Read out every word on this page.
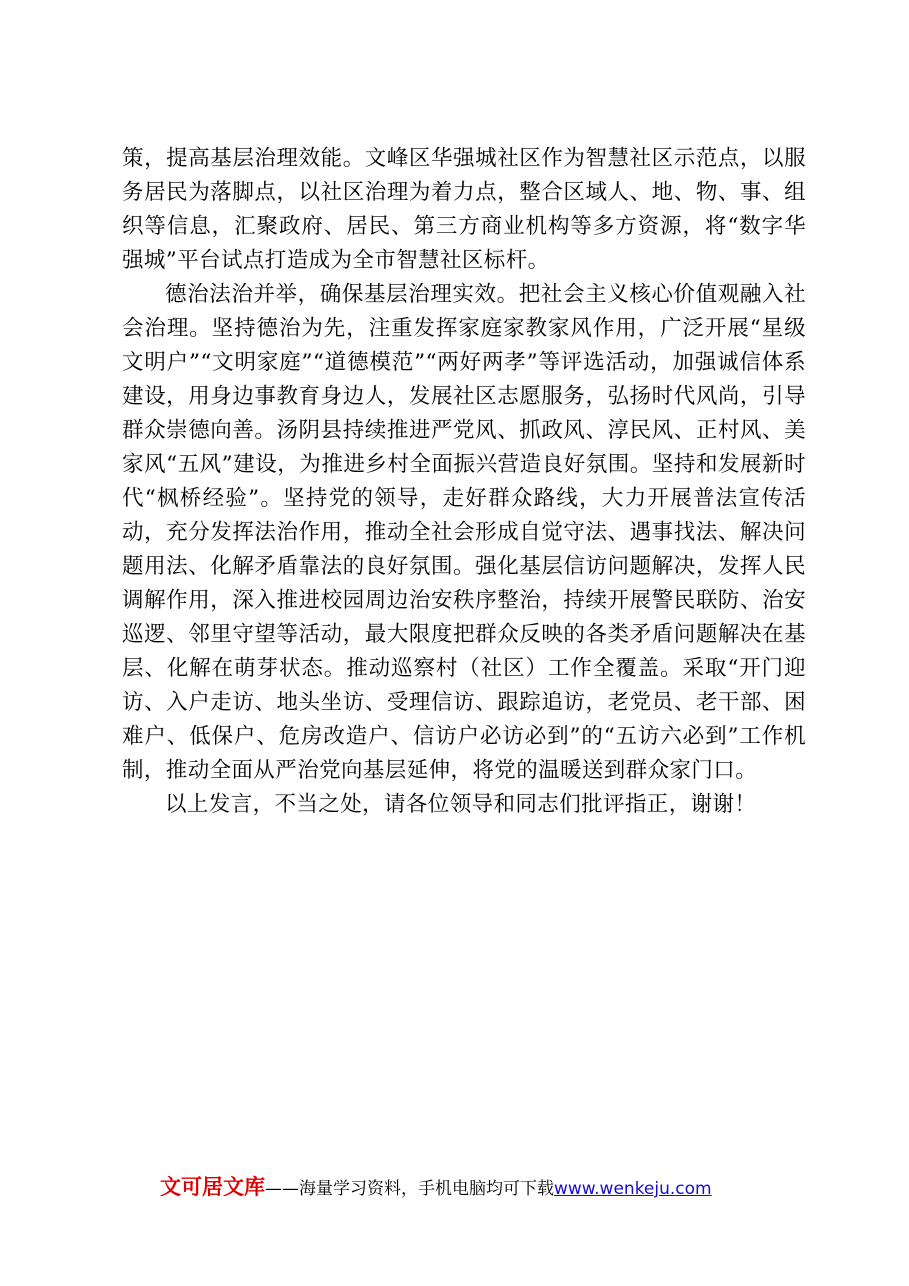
策，提高基层治理效能。文峰区华强城社区作为智慧社区示范点，以服务居民为落脚点，以社区治理为着力点，整合区域人、地、物、事、组织等信息，汇聚政府、居民、第三方商业机构等多方资源，将“数字华强城”平台试点打造成为全市智慧社区标杆。

德治法治并举，确保基层治理实效。把社会主义核心价值观融入社会治理。坚持德治为先，注重发挥家庭家教家风作用，广泛开展“星级文明户”“文明家庭”“道德模范”“两好两孝”等评选活动，加强诚信体系建设，用身边事教育身边人，发展社区志愿服务，弘扬时代风尚，引导群众崇德向善。汤阴县持续推进严党风、抓政风、淳民风、正村风、美家风“五风”建设，为推进乡村全面振兴营造良好氛围。坚持和发展新时代“枫桥经验”。坚持党的领导，走好群众路线，大力开展普法宣传活动，充分发挥法治作用，推动全社会形成自觉守法、遇事找法、解决问题用法、化解矛盾靠法的良好氛围。强化基层信访问题解决，发挥人民调解作用，深入推进校园周边治安秩序整治，持续开展警民联防、治安巡逻、邻里守望等活动，最大限度把群众反映的各类矛盾问题解决在基层、化解在萌芽状态。推动巡察村（社区）工作全覆盖。采取“开门迎访、入户走访、地头坐访、受理信访、跟踪追访，老党员、老干部、困难户、低保户、危房改造户、信访户必访必到”的“五访六必到”工作机制，推动全面从严治党向基层延伸，将党的温暖送到群众家门口。

以上发言，不当之处，请各位领导和同志们批评指正，谢谢！

文可居文库——海量学习资料，手机电脑均可下载www.wenkeju.com
